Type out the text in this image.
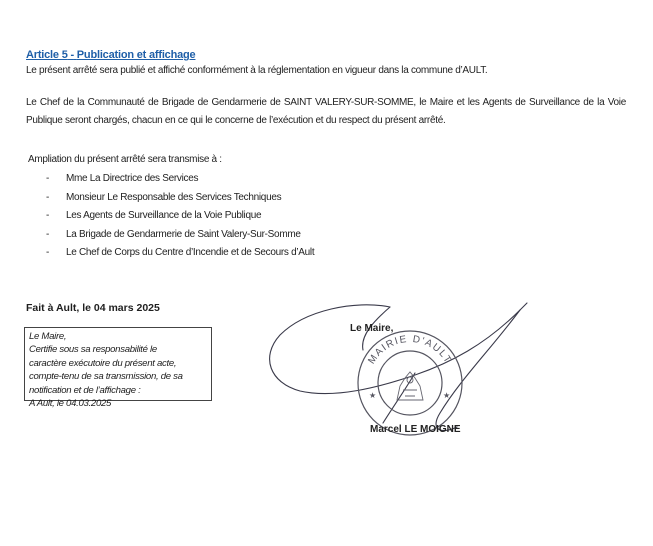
Article 5 - Publication et affichage
Le présent arrêté sera publié et affiché conformément à la réglementation en vigueur dans la commune d’AULT.
Le Chef de la Communauté de Brigade de Gendarmerie de SAINT VALERY-SUR-SOMME, le Maire et les Agents de Surveillance de la Voie Publique seront chargés, chacun en ce qui le concerne de l’exécution et du respect du présent arrêté.
Ampliation du présent arrêté sera transmise à :
- Mme La Directrice des Services
- Monsieur Le Responsable des Services Techniques
- Les Agents de Surveillance de la Voie Publique
- La Brigade de Gendarmerie de Saint Valery-Sur-Somme
- Le Chef de Corps du Centre d’Incendie et de Secours d’Ault
Fait à Ault, le 04 mars 2025
Le Maire,
Certifie sous sa responsabilité le
caractère exécutoire du présent acte,
compte-tenu de sa transmission, de sa
notification et de l’affichage :
A Ault, le 04.03.2025
MAIRIE D'AULT
★	★
Le Maire,
Marcel LE MOIGNE
